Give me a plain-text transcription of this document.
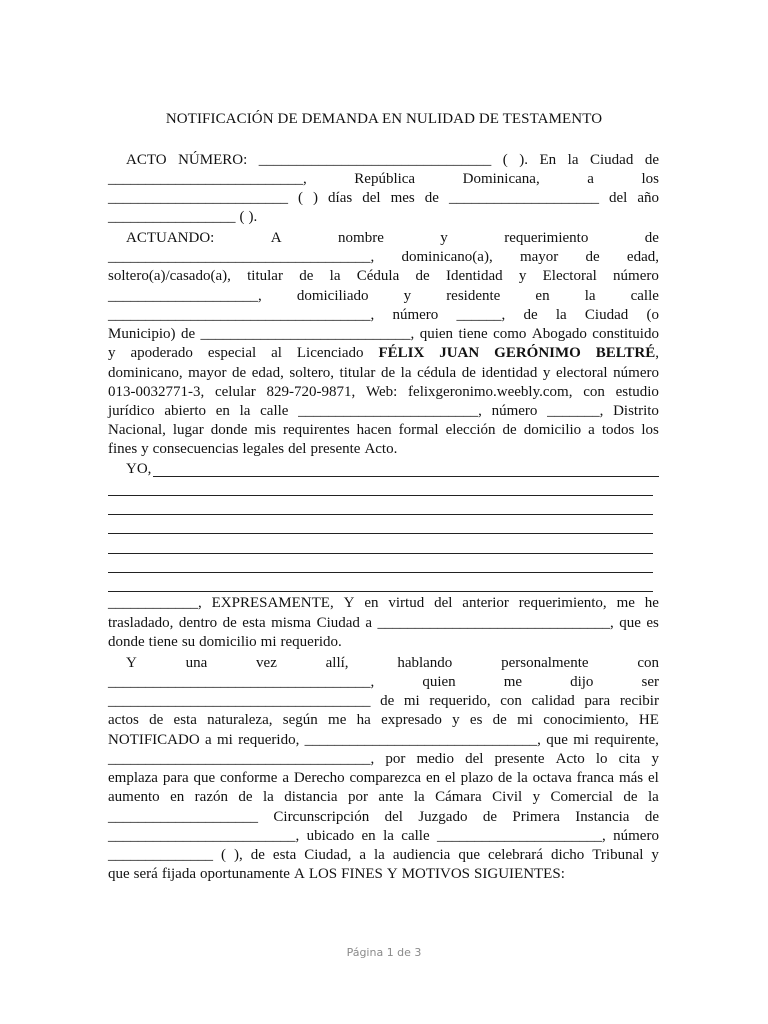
NOTIFICACIÓN DE DEMANDA EN NULIDAD DE TESTAMENTO
ACTO NÚMERO: _______________________________ ( ). En la Ciudad de
__________________________,	República	Dominicana,	a	los
________________________ ( ) días del mes de ____________________ del año
_________________ ( ).
ACTUANDO:	A	nombre	y	requerimiento	de
___________________________________, dominicano(a), mayor de edad,
soltero(a)/casado(a), titular de la Cédula de Identidad y Electoral número
____________________, domiciliado y residente en la calle
___________________________________, número ______, de la Ciudad (o
Municipio) de ____________________________, quien tiene como Abogado constituido
y apoderado especial al Licenciado FÉLIX JUAN GERÓNIMO BELTRÉ,
dominicano, mayor de edad, soltero, titular de la cédula de identidad y electoral número
013-0032771-3, celular 829-720-9871, Web: felixgeronimo.weebly.com, con estudio
jurídico abierto en la calle ________________________, número _______, Distrito
Nacional, lugar donde mis requirentes hacen formal elección de domicilio a todos los
fines y consecuencias legales del presente Acto.
YO,
____________, EXPRESAMENTE, Y en virtud del anterior requerimiento, me he
trasladado, dentro de esta misma Ciudad a _______________________________, que es
donde tiene su domicilio mi requerido.
Y	una	vez	allí,	hablando	personalmente	con
___________________________________,	quien	me	dijo	ser
___________________________________ de mi requerido, con calidad para recibir
actos de esta naturaleza, según me ha expresado y es de mi conocimiento, HE
NOTIFICADO a mi requerido, _______________________________, que mi requirente,
___________________________________, por medio del presente Acto lo cita y
emplaza para que conforme a Derecho comparezca en el plazo de la octava franca más el
aumento en razón de la distancia por ante la Cámara Civil y Comercial de la
____________________ Circunscripción del Juzgado de Primera Instancia de
_________________________, ubicado en la calle ______________________, número
______________ ( ), de esta Ciudad, a la audiencia que celebrará dicho Tribunal y
que será fijada oportunamente A LOS FINES Y MOTIVOS SIGUIENTES:
Página 1 de 3
